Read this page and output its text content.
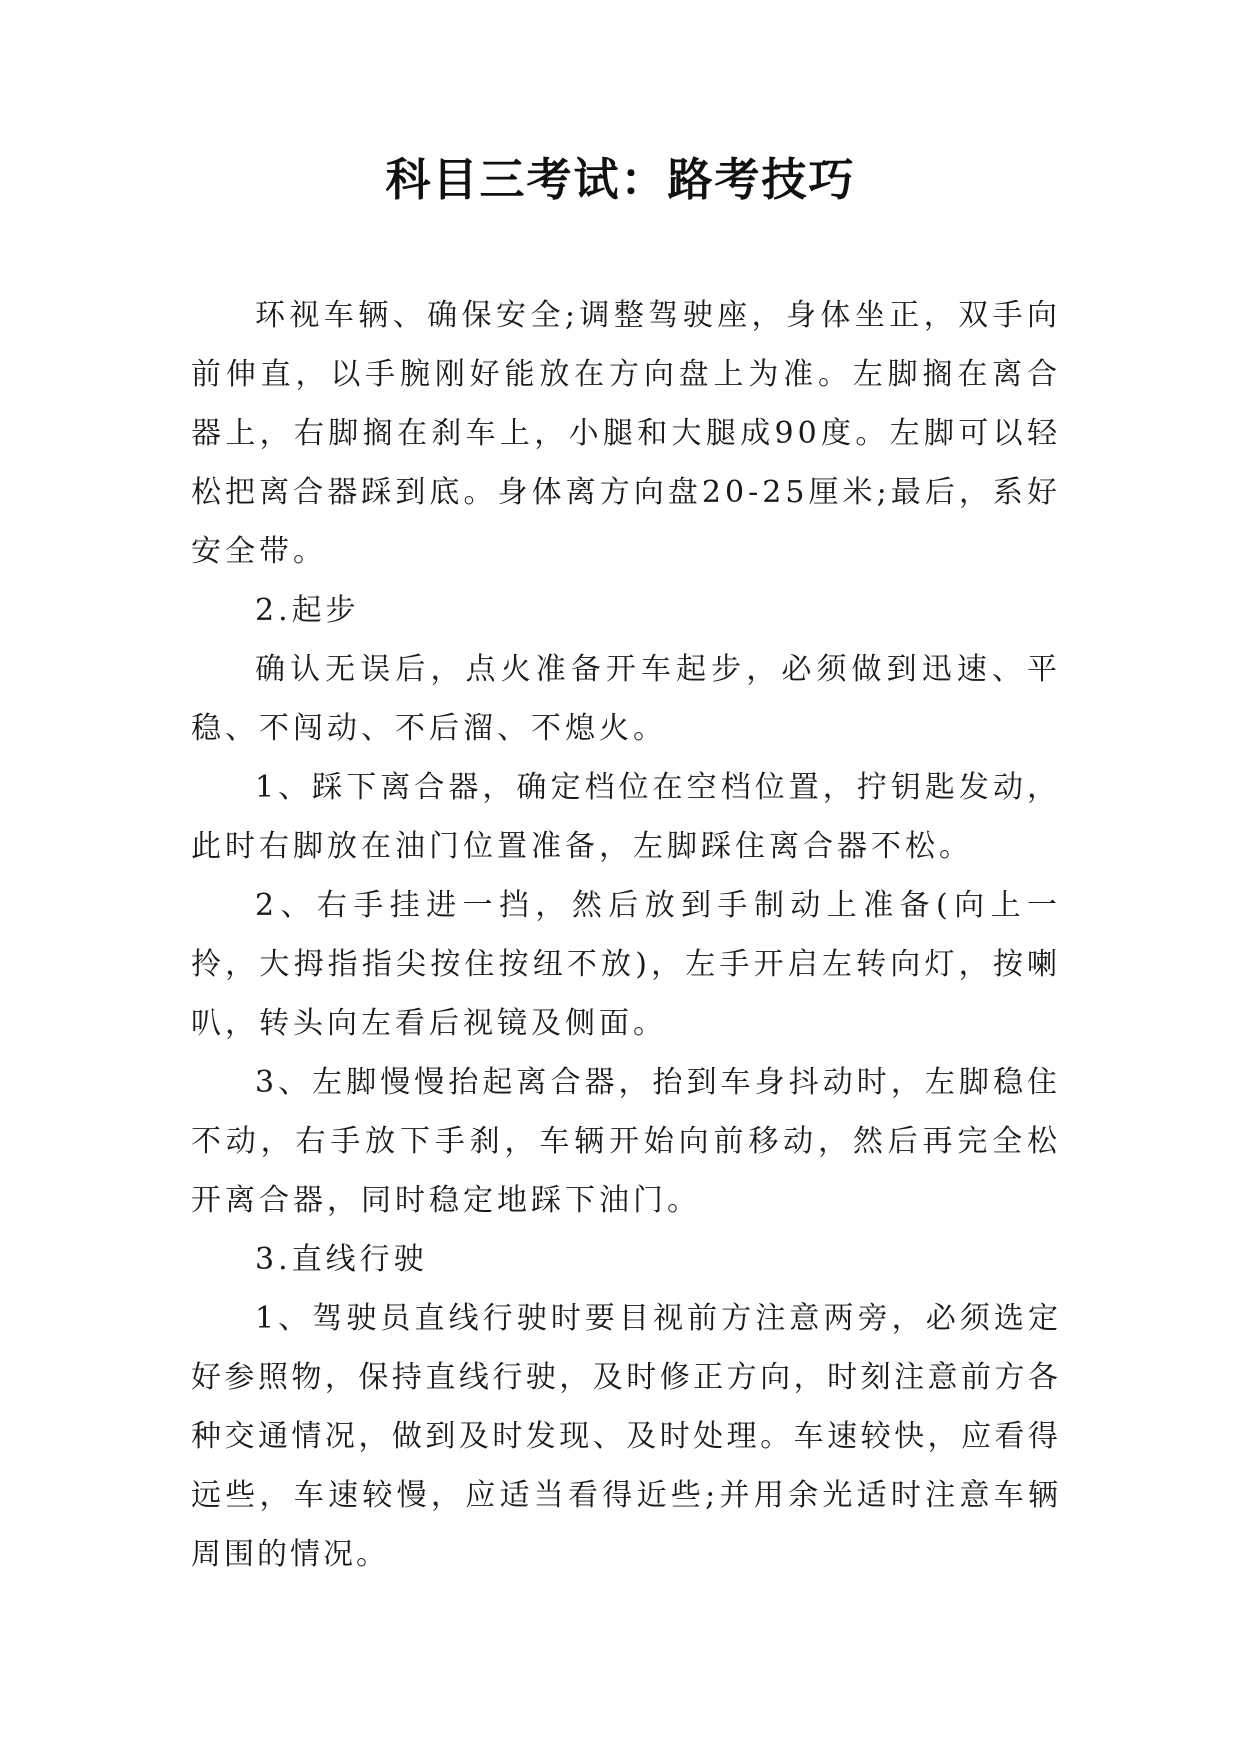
科目三考试：路考技巧

环视车辆、确保安全;调整驾驶座，身体坐正，双手向前伸直，以手腕刚好能放在方向盘上为准。左脚搁在离合器上，右脚搁在刹车上，小腿和大腿成90度。左脚可以轻松把离合器踩到底。身体离方向盘20-25厘米;最后，系好安全带。

2.起步

确认无误后，点火准备开车起步，必须做到迅速、平稳、不闯动、不后溜、不熄火。

1、踩下离合器，确定档位在空档位置，拧钥匙发动，此时右脚放在油门位置准备，左脚踩住离合器不松。

2、右手挂进一挡，然后放到手制动上准备(向上一拎，大拇指指尖按住按纽不放)，左手开启左转向灯，按喇叭，转头向左看后视镜及侧面。

3、左脚慢慢抬起离合器，抬到车身抖动时，左脚稳住不动，右手放下手刹，车辆开始向前移动，然后再完全松开离合器，同时稳定地踩下油门。

3.直线行驶

1、驾驶员直线行驶时要目视前方注意两旁，必须选定好参照物，保持直线行驶，及时修正方向，时刻注意前方各种交通情况，做到及时发现、及时处理。车速较快，应看得远些，车速较慢，应适当看得近些;并用余光适时注意车辆周围的情况。
